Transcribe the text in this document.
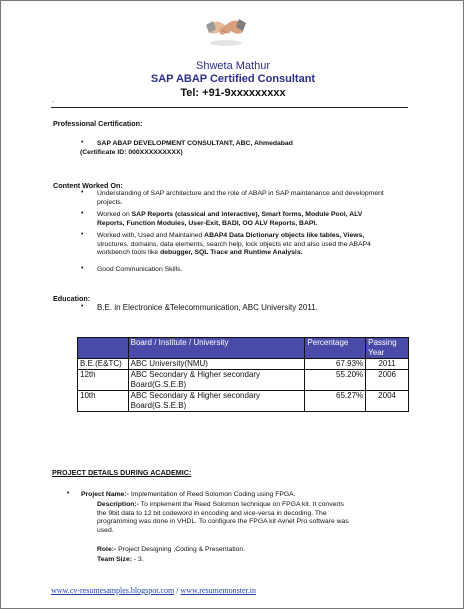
Shweta Mathur
SAP ABAP Certified Consultant
Tel: +91-9xxxxxxxxx
.
Professional Certification:
• SAP ABAP DEVELOPMENT CONSULTANT, ABC, Ahmedabad
(Certificate ID: 000XXXXXXXXX)
Content Worked On:
• Understanding of SAP architecture and the role of ABAP in SAP maintenance and development
projects.
• Worked on SAP Reports (classical and interactive), Smart forms, Module Pool, ALV
Reports, Function Modules, User-Exit, BADI, OO ALV Reports, BAPI.
• Worked with, Used and Maintained ABAP4 Data Dictionary objects like tables, Views,
structures, domains, data elements, search help, lock objects etc and also used the ABAP4
workbench tools like debugger, SQL Trace and Runtime Analysis.
• Good Communication Skills.
Education:
• B.E. in Electronice &Telecommunication, ABC University 2011.
	Board / Institute / University	Percentage	Passing Year
B.E.(E&TC)	ABC University(NMU)	67.93%	2011
12th	ABC Secondary & Higher secondary Board(G.S.E.B)	55.20%	2006
10th	ABC Secondary & Higher secondary Board(G.S.E.B)	65.27%	2004
PROJECT DETAILS DURING ACADEMIC:
• Project Name:- Implementation of Reed Solomon Coding using FPGA.
Description:- To implement the Reed Solomon technique on FPGA kit. It converts
the 9bit data to 12 bit codeword in encoding and vice-versa in decoding. The
programming was done in VHDL. To configure the FPGA kit Avnet Pro software was
used.
Role:- Project Designing ,Coding & Presentation.
Team Size: - 3.
www.cv-resumesamples.blogspot.com / www.resumemonster.in
